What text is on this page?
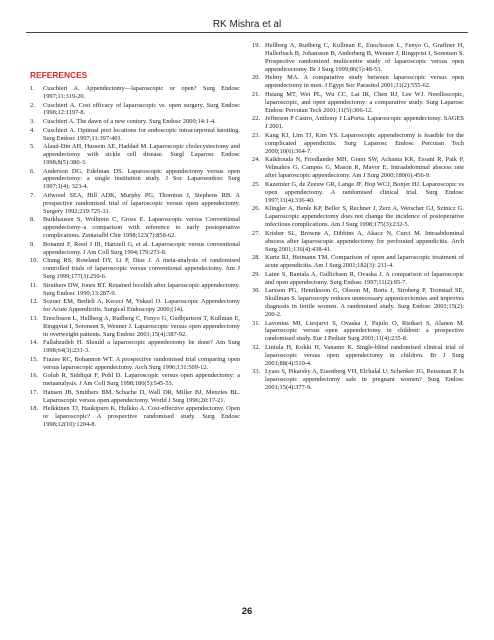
RK Mishra et al
REFERENCES
1. Cuschieri A. Appendectomy—laparoscopic or open? Surg Endosc 1997;11:319-20.
2. Cuschieri A. Cost efficacy of laparoscopic vs. open surgery. Surg Endosc 1998;12:1197-8.
3. Cuschieri A. The dawn of a new century. Surg Endosc 2000;14:1-4.
4. Cuschieri A. Optimal port locations for endoscopic intracorporeal knotting. Surg Endosc 1997;11:397-401.
5. Alaud-Din AH, Hussein AE, Haddad M. Laparoscopic cholecystectomy and appendectomy with sickle cell disease. Surgl Laparosc Endosc 1998;8(5):380-3.
6. Anderson DG, Edelman DS. Laparoscopic appendectomy versus open appendectomy: a single institution study. J Soc Laparoendosc Surg 1997;1(4): 323-4.
7. Attwood SEA, Hill ADK, Murphy PG, Thornton J, Stephens RB. A prospective randomised trial of laparoscopic versus open appendectomy. Surgery 1992;219:725-31.
8. Burkhausen S, Wolbrein C, Gross E. Laparoscopic versus Conventional appendectomy–a comparison with reference to early postoperative complications. Zentaralbl Chir 1998;123(7):858-62.
9. Bonanni F, Reed J III, Hartzell G, et al. Laparoscopic versus conventional appendectomy. J Am Coll Surg 1994;179:273-8.
10. Chung RS, Rowland DY, Li P, Diaz J. A meta-analysis of randomised controlled trials of laparoscopic versus conventional appendectomy. Am J Surg 1999;177(3):250-6.
11. Struthers DW, Jones BT. Retained fecolith after laparoscopic appendectomy. Surg Endosc 1999;13:287-9.
12. Sozuer EM, Bedirli A, Kececi M, Yuksel O. Laparoscopic Appendectomy for Acute Appendicitis. Surgical Endoscopy 2000;(14).
13. Enochsson L, Hellberg A, Rudberg C, Fenyo G, Gudbjartson T, Kullman E, Ringqvist I, Sorensen S, Wenner J. Laparoscopic versus open appendectomy in overweight patients. Surg Endosc 2001;15(4):387-92.
14. Fallahzadeh H. Should a laparoscopic appendectomy be done? Am Surg 1998;64(3):231-3.
15. Frazee RC, Bohannon WT. A prospective randomised trial comparing open versus laparoscopic appendectomy. Arch Surg 1996;131:509-12.
16. Golub R, Siddiqui F, Pohl D. Laparoscopic versus open appendectomy: a metaanalysis. J Am Coll Surg 1998;186(5):545-53.
17. Hansen JB, Smithers BM, Schache D, Wall DR, Miller BJ, Menzies BL. Laparoscopic versus open appendectomy. World J Surg 1996;20:17-21.
18. Heikkinen TJ, Haukipuro K, Hulkko A. Cost-effective appendectomy. Open or laparoscopic? A prospective randomised study. Surg Endosc 1998;12(10):1204-8.
19. Hellberg A, Rudberg C, Kullman E, Enochsson L, Fenyo G, Graffner H, Hallerback B, Johansson B, Anderberg B, Wenner J, Ringqvist I, Sorensen S. Prospective randomized multicentre study of laparoscopic versus open appendicectomy. Br J Surg 1999;86(1):48-53.
20. Helmy MA. A comparative study between laparoscopic versus open appendectomy in men. J Egypt Soc Parasitol 2001;31(2):555-62.
21. Hsiang MT, Wei PL, Wu CC, Lai IR, Chen RJ, Lee WJ. Needlescopic, laparoscopic, and open appendectomy: a comparative study. Surg Laparosc Endosc Percutan Tech 2001;11(5):306-12.
22. Jefferson P Castro, Anthony J LaPorta. Laparoscopic appendectomy. SAGES J 2001.
23. Kang KJ, Lim TJ, Kim YS. Laparoscopic appendectomy is feasible for the complicated appendicitis. Surg Laparosc Endosc Percutan Tech 2000;10(6):364-7.
24. Katkhouda N, Friedlander MH, Grant SW, Achanta KK, Essani R, Paik P, Velmahos G, Campos G, Mason R, Mavor E. Intraabdominal abscess rate after laparoscopic appendectomy. Am J Surg 2000;180(6):456-9.
25. Kazemier G, de Zeeuw GR, Lange JF, Hop WCJ, Bonjer HJ. Laparoscopic vs open appendectomy. A randomised clinical trial. Surg Endosc 1997;11(4):336-40.
26. Klingler A, Henle KP, Beller S, Rechner J, Zerz A, Wetscher GJ, Szinicz G. Laparoscopic appendectomy does not change the incidence of postoperative infectious complications. Am J Surg 1998;175(3):232-5.
27. Krisher SL, Browne A, Dibbins A, Akacz N, Curci M. Intraabdominal abscess after laparoscopic appendectomy for perforated appendicitis. Arch Surg 2001;136(4):438-41.
28. Kurtz RJ, Heimann TM. Comparison of open and laparoscopic treatment of acute appendicitis. Am J Surg 2001;182(3): 211-4.
29. Laine S, Rantala A, Gullichsen R, Ovaska J. A comparison of laparoscopic and open appendectomy. Surg Endosc 1997;11(2):95-7.
30. Larsson PG, Henriksson G, Olsson M, Boris J, Stroberg P, Tronstad SE, Skullman S. laparoscopy reduces unnecessary appenicectomies and improves diagnosis in fertile women. A randomised study. Surg Endosc 2001;15(2): 200-2.
31. Lavonius MI, Liesjarvi S, Ovaska J, Pajulo O, Ristkari S, Alanen M. laparoscopic versus open appendectomy in children: a prospective randomised study. Eur J Pediatr Surg 2001;11(4):235-8.
32. Lintula H, Kokki H, Vanamo K. Single-blind randomised clinical trial of laparoscopic versus open appendectomy in children. Br J Surg 2001;88(4):510-4.
33. Lyass S, Pikarsky A, Eisenberg VH, Elchalal U, Schenker JG, Reissman P. Is laparoscopic appendectomy safe in pregnant women? Surg Endosc 2001;15(4):377-9.
26
